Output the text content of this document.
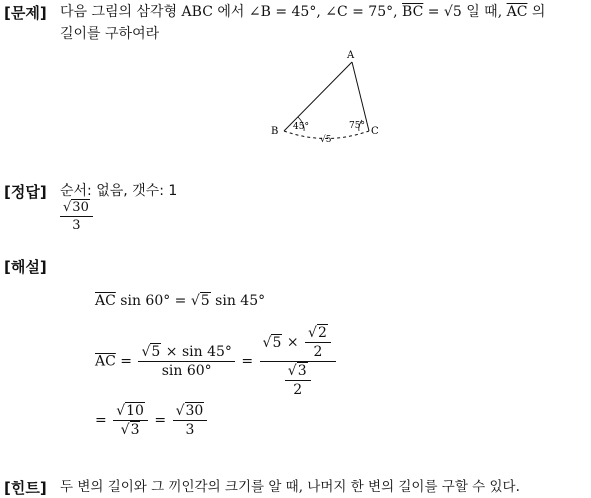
[문제] 다음 그림의 삼각형 ABC 에서 ∠B = 45°, ∠C = 75°, $\overline{BC} = √5$ 일 때, $\overline{AC}$ 의
길이를 구하여라
A
B	C
45°	75°
√5
[정답] 순서: 없음, 갯수: 1
$\frac{√30}{3}$
[해설]
$\overline{AC}$ sin 60° = √5 sin 45°
$\overline{AC} = \frac{√5 \times \sin 45^\circ}{\sin 60^\circ} = \frac{√5 \times \frac{√2}{2}}{\frac{√3}{2}}$
= $\frac{√10}{√3} = \frac{√30}{3}$
[힌트] 두 변의 길이와 그 끼인각의 크기를 알 때, 나머지 한 변의 길이를 구할 수 있다.
